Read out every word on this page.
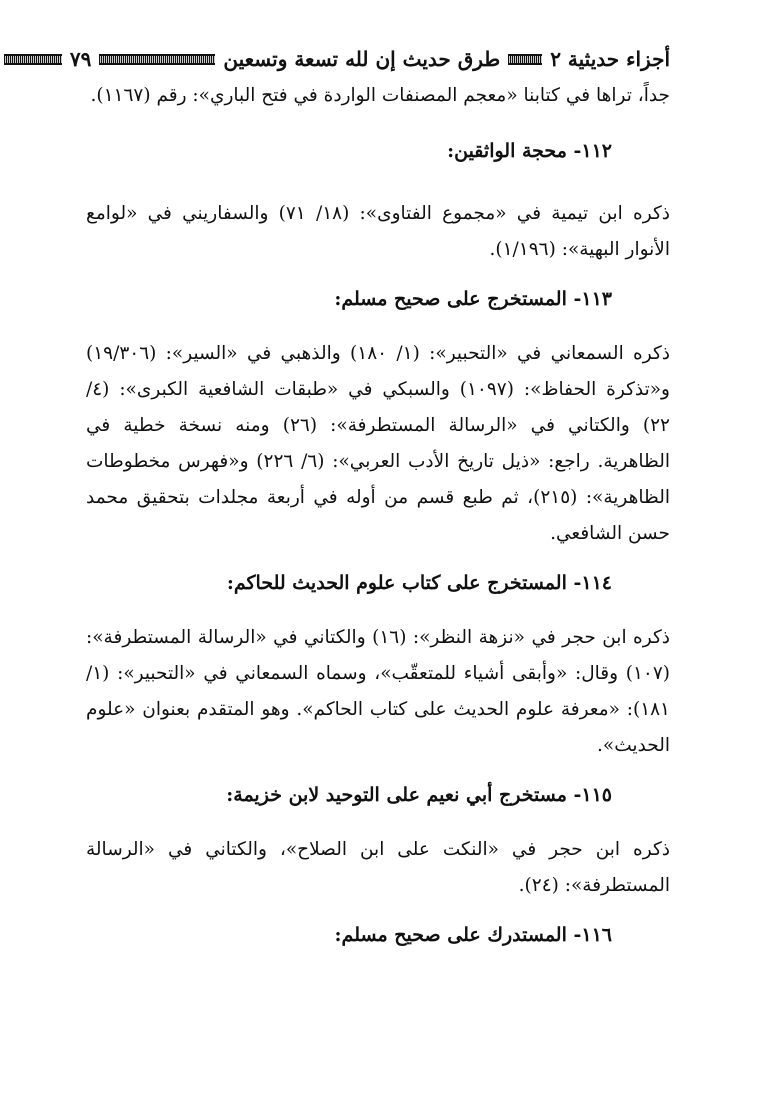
أجزاء حديثية ٢
طرق حديث إن لله تسعة وتسعين
٧٩

جداً، تراها في كتابنا «معجم المصنفات الواردة في فتح الباري»: رقم (١١٦٧).

١١٢- محجة الواثقين:

ذكره ابن تيمية في «مجموع الفتاوى»: (١٨/ ٧١) والسفاريني في «لوامع الأنوار البهية»: (١/١٩٦).

١١٣- المستخرج على صحيح مسلم:

ذكره السمعاني في «التحبير»: (١/ ١٨٠) والذهبي في «السير»: (١٩/٣٠٦) و«تذكرة الحفاظ»: (١٠٩٧) والسبكي في «طبقات الشافعية الكبرى»: (٤/ ٢٢) والكتاني في «الرسالة المستطرفة»: (٢٦) ومنه نسخة خطية في الظاهرية. راجع: «ذيل تاريخ الأدب العربي»: (٦/ ٢٢٦) و«فهرس مخطوطات الظاهرية»: (٢١٥)، ثم طبع قسم من أوله في أربعة مجلدات بتحقيق محمد حسن الشافعي.

١١٤- المستخرج على كتاب علوم الحديث للحاكم:

ذكره ابن حجر في «نزهة النظر»: (١٦) والكتاني في «الرسالة المستطرفة»: (١٠٧) وقال: «وأبقى أشياء للمتعقّب»، وسماه السمعاني في «التحبير»: (١/ ١٨١): «معرفة علوم الحديث على كتاب الحاكم». وهو المتقدم بعنوان «علوم الحديث».

١١٥- مستخرج أبي نعيم على التوحيد لابن خزيمة:

ذكره ابن حجر في «النكت على ابن الصلاح»، والكتاني في «الرسالة المستطرفة»: (٢٤).

١١٦- المستدرك على صحيح مسلم:
